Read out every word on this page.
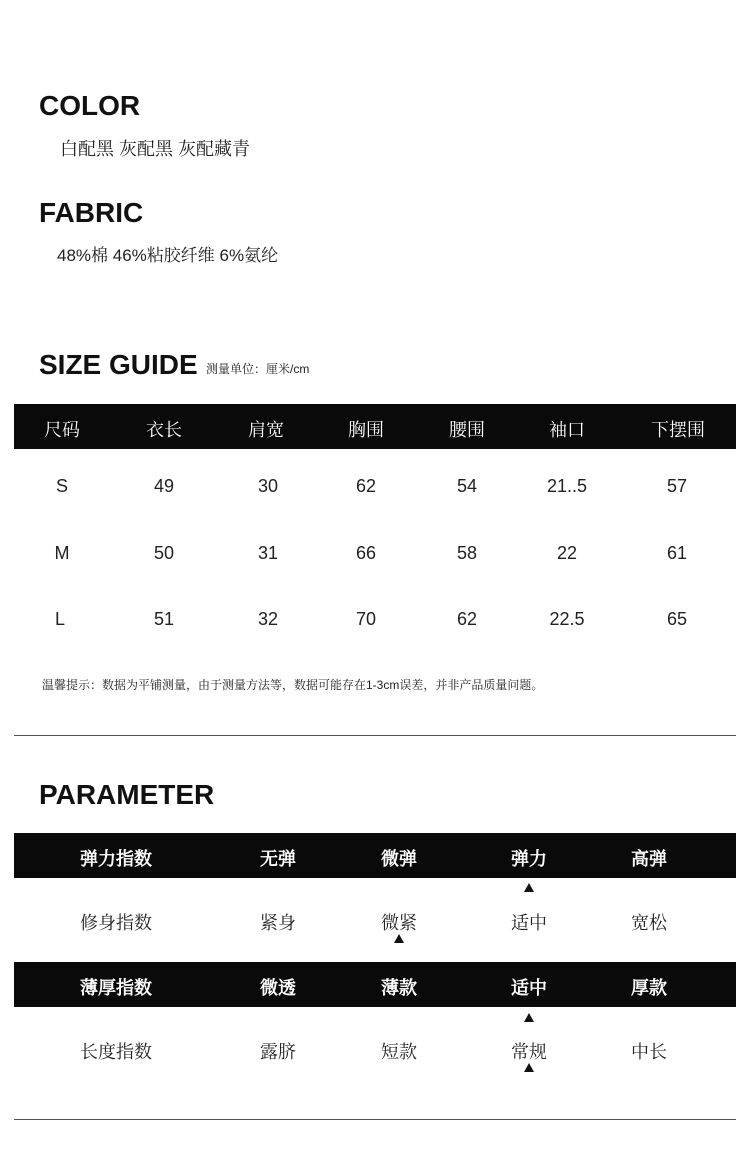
COLOR
白配黑 灰配黑 灰配藏青
FABRIC
48%棉 46%粘胶纤维 6%氨纶
SIZE GUIDE 测量单位：厘米/cm
尺码	衣长	肩宽	胸围	腰围	袖口	下摆围
S	49	30	62	54	21..5	57
M	50	31	66	58	22	61
L	51	32	70	62	22.5	65
温馨提示：数据为平铺测量，由于测量方法等，数据可能存在1-3cm误差，并非产品质量问题。
PARAMETER
弹力指数	无弹	微弹	弹力	高弹
修身指数	紧身	微紧	适中	宽松
薄厚指数	微透	薄款	适中	厚款
长度指数	露脐	短款	常规	中长
